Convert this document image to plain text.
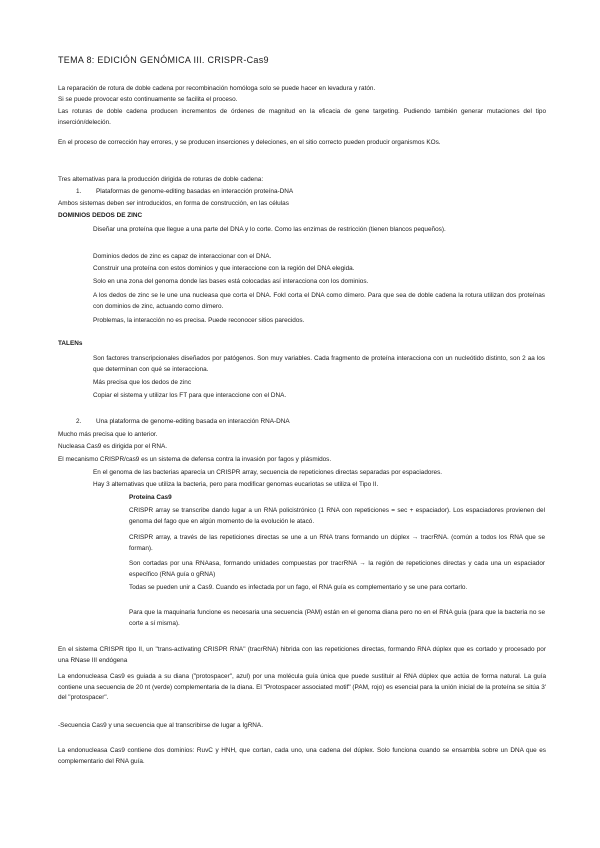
TEMA 8: EDICIÓN GENÓMICA III. CRISPR-Cas9
La reparación de rotura de doble cadena por recombinación homóloga solo se puede hacer en levadura y ratón.
Si se puede provocar esto continuamente se facilita el proceso.
Las roturas de doble cadena producen incrementos de órdenes de magnitud en la eficacia de gene targeting. Pudiendo también generar mutaciones del tipo inserción/deleción.
En el proceso de corrección hay errores, y se producen inserciones y deleciones, en el sitio correcto pueden producir organismos KOs.
Tres alternativas para la producción dirigida de roturas de doble cadena:
1. Plataformas de genome-editing basadas en interacción proteína-DNA
Ambos sistemas deben ser introducidos, en forma de construcción, en las células
DOMINIOS DEDOS DE ZINC
Diseñar una proteína que llegue a una parte del DNA y lo corte. Como las enzimas de restricción (tienen blancos pequeños).
Dominios dedos de zinc es capaz de interaccionar con el DNA.
Construir una proteína con estos dominios y que interaccione con la región del DNA elegida.
Solo en una zona del genoma donde las bases está colocadas así interacciona con los dominios.
A los dedos de zinc se le une una nucleasa que corta el DNA. FokI corta el DNA como dímero. Para que sea de doble cadena la rotura utilizan dos proteínas con dominios de zinc, actuando como dímero.
Problemas, la interacción no es precisa. Puede reconocer sitios parecidos.
TALENs
Son factores transcripcionales diseñados por patógenos. Son muy variables. Cada fragmento de proteína interacciona con un nucleótido distinto, son 2 aa los que determinan con qué se interacciona.
Más precisa que los dedos de zinc
Copiar el sistema y utilizar los FT para que interaccione con el DNA.
2. Una plataforma de genome-editing basada en interacción RNA-DNA
Mucho más precisa que lo anterior.
Nucleasa Cas9 es dirigida por el RNA.
El mecanismo CRISPR/cas9 es un sistema de defensa contra la invasión por fagos y plásmidos.
En el genoma de las bacterias aparecía un CRISPR array, secuencia de repeticiones directas separadas por espaciadores.
Hay 3 alternativas que utiliza la bacteria, pero para modificar genomas eucariotas se utiliza el Tipo II.
Proteína Cas9
CRISPR array se transcribe dando lugar a un RNA policistrónico (1 RNA con repeticiones = sec + espaciador). Los espaciadores provienen del genoma del fago que en algún momento de la evolución le atacó.
CRISPR array, a través de las repeticiones directas se une a un RNA trans formando un dúplex → tracrRNA. (común a todos los RNA que se forman).
Son cortadas por una RNAasa, formando unidades compuestas por tracrRNA → la región de repeticiones directas y cada una un espaciador específico (RNA guía o gRNA)
Todas se pueden unir a Cas9. Cuando es infectada por un fago, el RNA guía es complementario y se une para cortarlo.
Para que la maquinaria funcione es necesaria una secuencia (PAM) están en el genoma diana pero no en el RNA guía (para que la bacteria no se corte a sí misma).
En el sistema CRISPR tipo II, un "trans-activating CRISPR RNA" (tracrRNA) hibrida con las repeticiones directas, formando RNA dúplex que es cortado y procesado por una RNase III endógena
La endonucleasa Cas9 es guiada a su diana ("protospacer", azul) por una molécula guía única que puede sustituir al RNA dúplex que actúa de forma natural. La guía contiene una secuencia de 20 nt (verde) complementaria de la diana. El "Protospacer associated motif" (PAM, rojo) es esencial para la unión inicial de la proteína se sitúa 3' del "protospacer".
-Secuencia Cas9 y una secuencia que al transcribirse de lugar a IgRNA.
La endonucleasa Cas9 contiene dos dominios: RuvC y HNH, que cortan, cada uno, una cadena del dúplex. Solo funciona cuando se ensambla sobre un DNA que es complementario del RNA guía.
